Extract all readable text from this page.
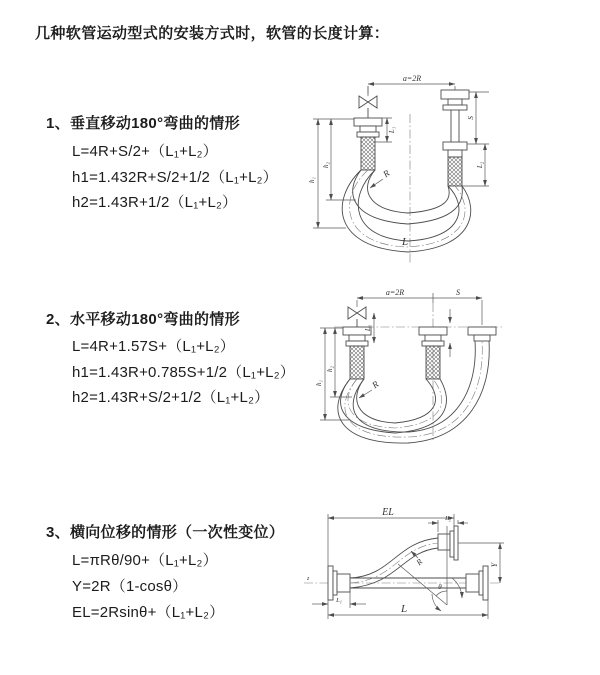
几种软管运动型式的安装方式时，软管的长度计算：
1、垂直移动180°弯曲的情形
L=4R+S/2+（L₁+L₂）
h1=1.432R+S/2+1/2（L₁+L₂）
h2=1.43R+1/2（L₁+L₂）
2、水平移动180°弯曲的情形
L=4R+1.57S+（L₁+L₂）
h1=1.43R+0.785S+1/2（L₁+L₂）
h2=1.43R+S/2+1/2（L₁+L₂）
3、横向位移的情形（一次性变位）
L=πRθ/90+（L₁+L₂）
Y=2R（1-cosθ）
EL=2Rsinθ+（L₁+L₂）
a=2R
L₁
S
L₂
h₁
h₂
R
L
a=2R	S
L₁
h₁
h₂
R
z
EL
L₂
Y
θ
R
L₁
L
